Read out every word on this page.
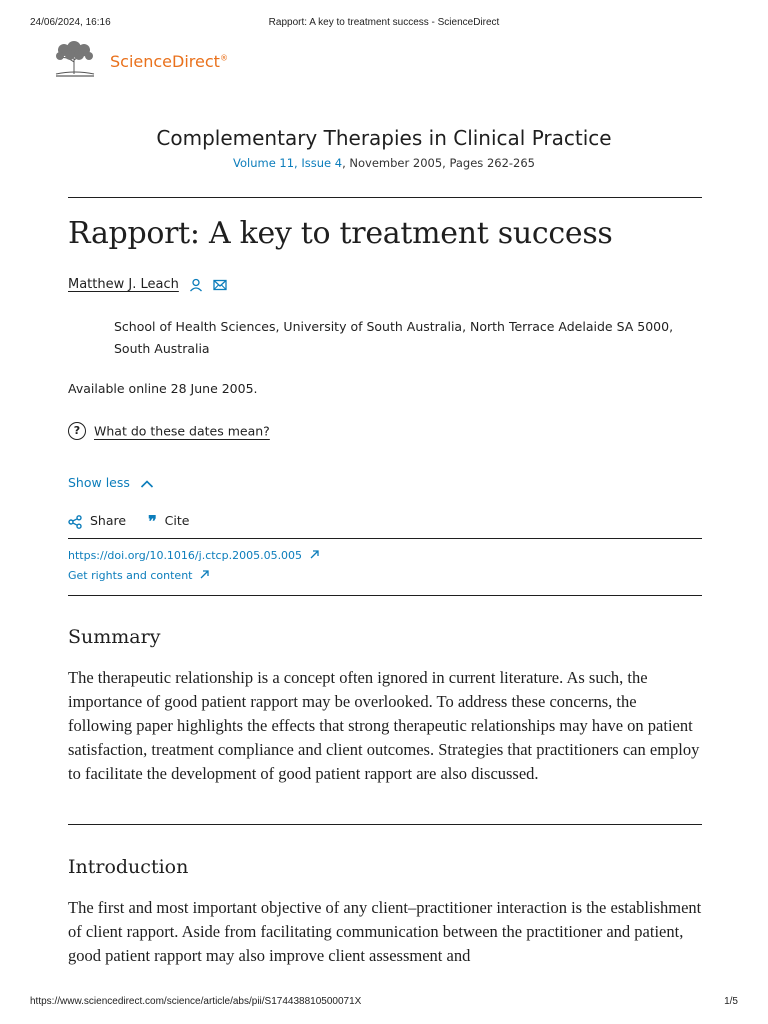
24/06/2024, 16:16	Rapport: A key to treatment success - ScienceDirect
ScienceDirect®
Complementary Therapies in Clinical Practice
Volume 11, Issue 4, November 2005, Pages 262-265
Rapport: A key to treatment success
Matthew J. Leach
School of Health Sciences, University of South Australia, North Terrace Adelaide SA 5000, South Australia
Available online 28 June 2005.
? What do these dates mean?
Show less
Share ❞ Cite
https://doi.org/10.1016/j.ctcp.2005.05.005
Get rights and content
Summary
The therapeutic relationship is a concept often ignored in current literature. As such, the importance of good patient rapport may be overlooked. To address these concerns, the following paper highlights the effects that strong therapeutic relationships may have on patient satisfaction, treatment compliance and client outcomes. Strategies that practitioners can employ to facilitate the development of good patient rapport are also discussed.
Introduction
The first and most important objective of any client–practitioner interaction is the establishment of client rapport. Aside from facilitating communication between the practitioner and patient, good patient rapport may also improve client assessment and
https://www.sciencedirect.com/science/article/abs/pii/S174438810500071X	1/5
